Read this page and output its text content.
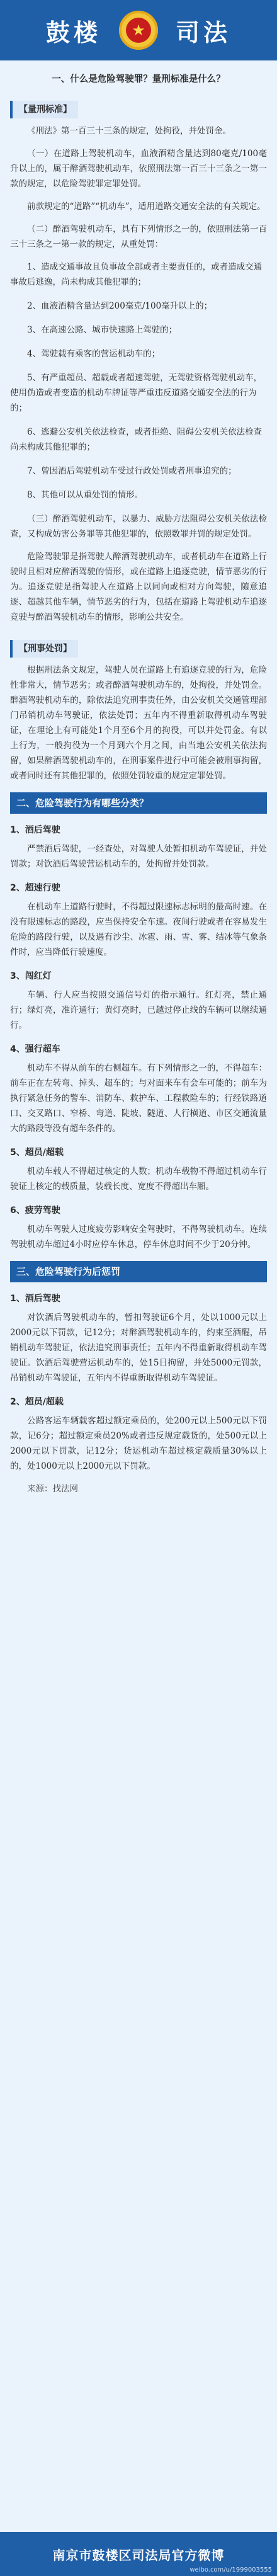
鼓楼	★ 司法
一、什么是危险驾驶罪？量刑标准是什么？
【量刑标准】

《刑法》第一百三十三条的规定，处拘役，并处罚金。

（一）在道路上驾驶机动车，血液酒精含量达到80毫克/100毫升以上的，属于醉酒驾驶机动车，依照刑法第一百三十三条之一第一款的规定，以危险驾驶罪定罪处罚。

前款规定的“道路”“机动车”，适用道路交通安全法的有关规定。

（二）醉酒驾驶机动车，具有下列情形之一的，依照刑法第一百三十三条之一第一款的规定，从重处罚：

1、造成交通事故且负事故全部或者主要责任的，或者造成交通事故后逃逸，尚未构成其他犯罪的；
2、血液酒精含量达到200毫克/100毫升以上的；
3、在高速公路、城市快速路上驾驶的；
4、驾驶载有乘客的营运机动车的；
5、有严重超员、超载或者超速驾驶，无驾驶资格驾驶机动车，使用伪造或者变造的机动车牌证等严重违反道路交通安全法的行为的；
6、逃避公安机关依法检查，或者拒绝、阻碍公安机关依法检查尚未构成其他犯罪的；
7、曾因酒后驾驶机动车受过行政处罚或者刑事追究的；
8、其他可以从重处罚的情形。

（三）醉酒驾驶机动车，以暴力、威胁方法阻碍公安机关依法检查，又构成妨害公务罪等其他犯罪的，依照数罪并罚的规定处罚。

危险驾驶罪是指驾驶人醉酒驾驶机动车，或者机动车在道路上行驶时且相对应醉酒驾驶的情形，或在道路上追逐竞驶，情节恶劣的行为。追逐竞驶是指驾驶人在道路上以同向或相对方向驾驶，随意追逐、超越其他车辆，情节恶劣的行为，包括在道路上驾驶机动车追逐竞驶与醉酒驾驶机动车的情形，影响公共安全。

【刑事处罚】

根据刑法条文规定，驾驶人员在道路上有追逐竞驶的行为，危险性非常大，情节恶劣；或者醉酒驾驶机动车的，处拘役，并处罚金。醉酒驾驶机动车的，除依法追究刑事责任外，由公安机关交通管理部门吊销机动车驾驶证，依法处罚；五年内不得重新取得机动车驾驶证，在理论上有可能处1个月至6个月的拘役，可以并处罚金。有以上行为，一般拘役为一个月到六个月之间，由当地公安机关依法拘留，如果醉酒驾驶机动车的，在刑事案件进行中可能会被刑事拘留，或者同时还有其他犯罪的，依照处罚较重的规定定罪处罚。

二、危险驾驶行为有哪些分类？
1、酒后驾驶

严禁酒后驾驶，一经查处，对驾驶人处暂扣机动车驾驶证，并处罚款；对饮酒后驾驶营运机动车的，处拘留并处罚款。

2、超速行驶

在机动车上道路行驶时，不得超过限速标志标明的最高时速。在没有限速标志的路段，应当保持安全车速。夜间行驶或者在容易发生危险的路段行驶，以及遇有沙尘、冰雹、雨、雪、雾、结冰等气象条件时，应当降低行驶速度。

3、闯红灯

车辆、行人应当按照交通信号灯的指示通行。红灯亮，禁止通行；绿灯亮，准许通行；黄灯亮时，已越过停止线的车辆可以继续通行。

4、强行超车

机动车不得从前车的右侧超车。有下列情形之一的，不得超车：前车正在左转弯、掉头、超车的；与对面来车有会车可能的；前车为执行紧急任务的警车、消防车、救护车、工程救险车的；行经铁路道口、交叉路口、窄桥、弯道、陡坡、隧道、人行横道、市区交通流量大的路段等没有超车条件的。

5、超员/超载

机动车载人不得超过核定的人数；机动车载物不得超过机动车行驶证上核定的载质量，装载长度、宽度不得超出车厢。

6、疲劳驾驶

机动车驾驶人过度疲劳影响安全驾驶时，不得驾驶机动车。连续驾驶机动车超过4小时应停车休息，停车休息时间不少于20分钟。

三、危险驾驶行为后惩罚
1、酒后驾驶

对饮酒后驾驶机动车的，暂扣驾驶证6个月，处以1000元以上2000元以下罚款，记12分；对醉酒驾驶机动车的，约束至酒醒，吊销机动车驾驶证，依法追究刑事责任；五年内不得重新取得机动车驾驶证。饮酒后驾驶营运机动车的，处15日拘留，并处5000元罚款，吊销机动车驾驶证，五年内不得重新取得机动车驾驶证。

2、超员/超载

公路客运车辆载客超过额定乘员的，处200元以上500元以下罚款，记6分；超过额定乘员20%或者违反规定载货的，处500元以上2000元以下罚款，记12分；货运机动车超过核定载质量30%以上的，处1000元以上2000元以下罚款。

来源：找法网
南京市鼓楼区司法局官方微博
weibo.com/u/1999003555
